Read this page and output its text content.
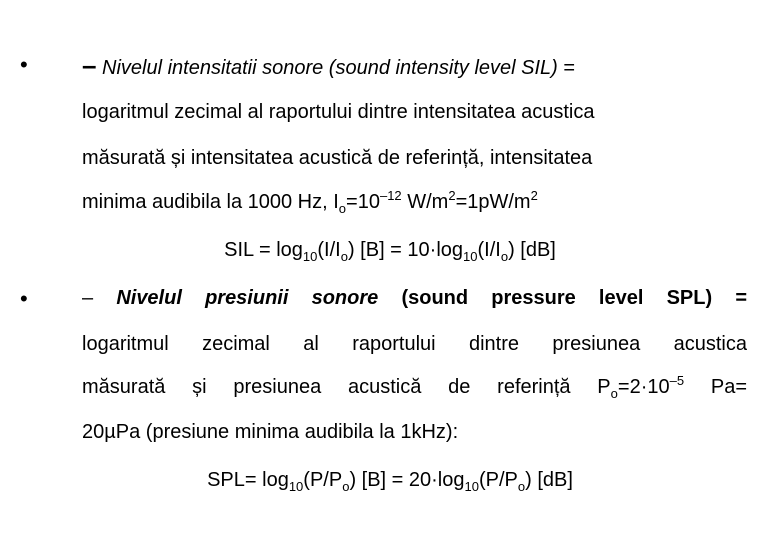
• – Nivelul intensitatii sonore (sound intensity level SIL) =
logaritmul zecimal al raportului dintre intensitatea acustica
măsurată și intensitatea acustică de referință, intensitatea
minima audibila la 1000 Hz, $I_o=10^{-12}$ $W/m^2=1pW/m^2$
SIL = $\log_{10}(I/I_o) [B] = 10\cdot\log_{10}(I/I_o)$ [dB]
•	– Nivelul presiunii sonore (sound pressure level SPL) =
logaritmul zecimal al raportului dintre presiunea acustica
măsurată și presiunea acustică de referință $P_o=2\cdot 10^{-5}$ Pa=
20µPa (presiune minima audibila la 1kHz):
$SPL= \log_{10}(P/P_o) [B] = 20\cdot\log_{10}(P/P_o)$ [dB]
